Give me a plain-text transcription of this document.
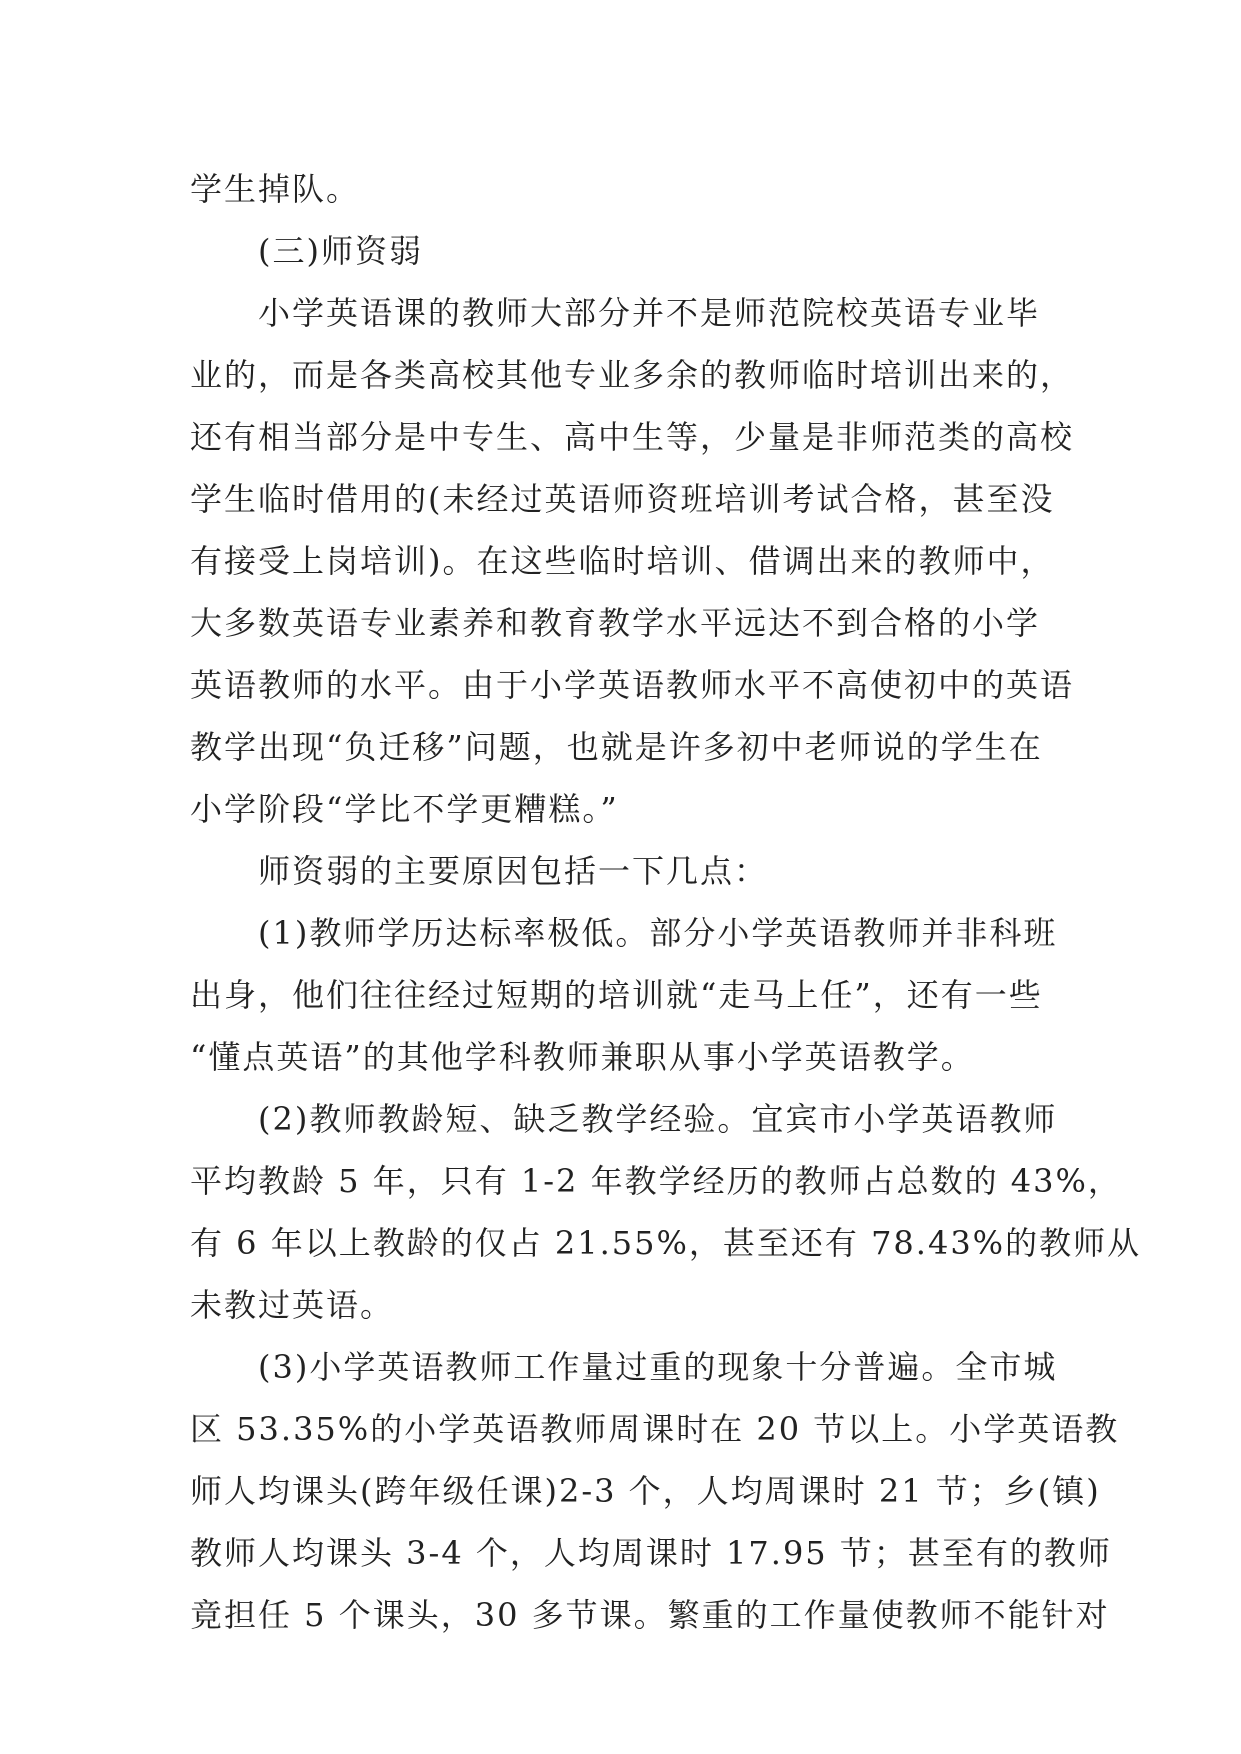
学生掉队。
(三)师资弱
小学英语课的教师大部分并不是师范院校英语专业毕
业的，而是各类高校其他专业多余的教师临时培训出来的，
还有相当部分是中专生、高中生等，少量是非师范类的高校
学生临时借用的(未经过英语师资班培训考试合格，甚至没
有接受上岗培训)。在这些临时培训、借调出来的教师中，
大多数英语专业素养和教育教学水平远达不到合格的小学
英语教师的水平。由于小学英语教师水平不高使初中的英语
教学出现“负迁移”问题，也就是许多初中老师说的学生在
小学阶段“学比不学更糟糕。”
师资弱的主要原因包括一下几点：
(1)教师学历达标率极低。部分小学英语教师并非科班
出身，他们往往经过短期的培训就“走马上任”，还有一些
“懂点英语”的其他学科教师兼职从事小学英语教学。
(2)教师教龄短、缺乏教学经验。宜宾市小学英语教师
平均教龄 5 年，只有 1-2 年教学经历的教师占总数的 43%，
有 6 年以上教龄的仅占 21.55%，甚至还有 78.43%的教师从
未教过英语。
(3)小学英语教师工作量过重的现象十分普遍。全市城
区 53.35%的小学英语教师周课时在 20 节以上。小学英语教
师人均课头(跨年级任课)2-3 个，人均周课时 21 节；乡(镇)
教师人均课头 3-4 个，人均周课时 17.95 节；甚至有的教师
竟担任 5 个课头，30 多节课。繁重的工作量使教师不能针对
